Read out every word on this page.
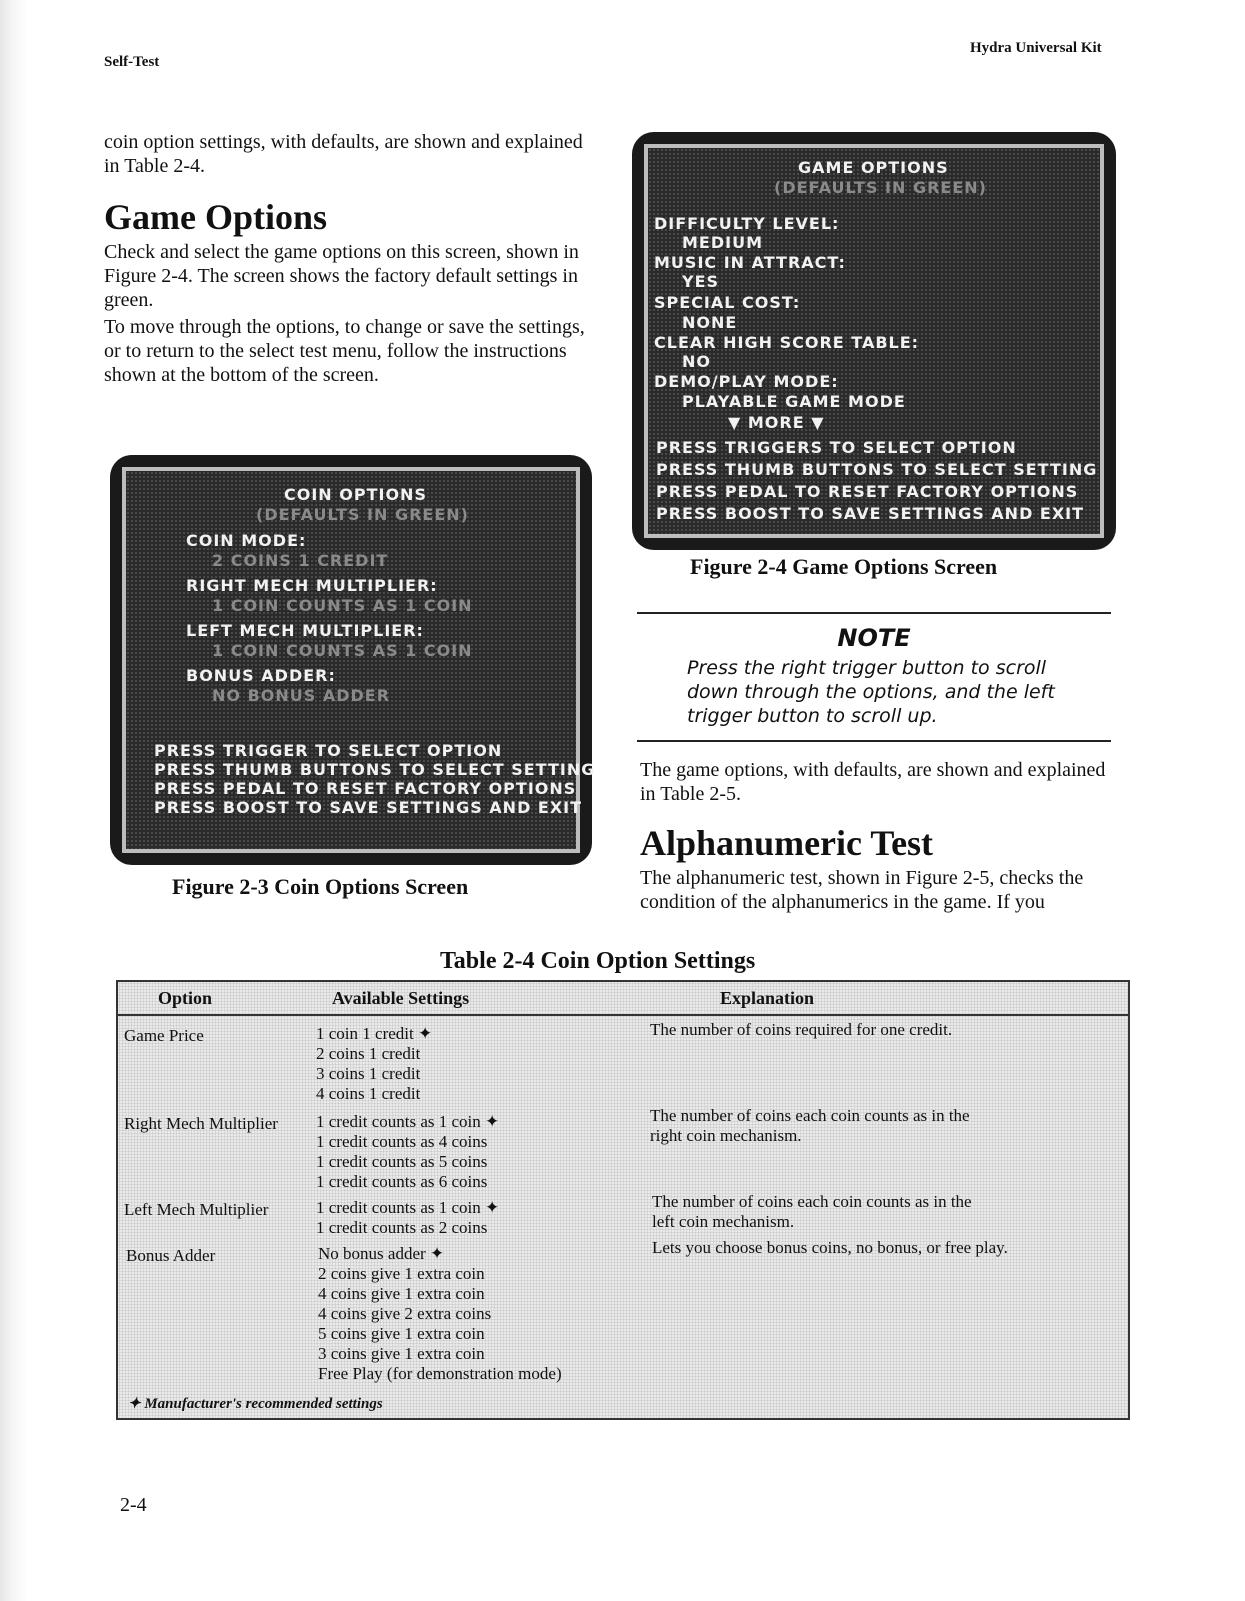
Self-Test
Hydra Universal Kit

coin option settings, with defaults, are shown and explained in Table 2-4.

Game Options

Check and select the game options on this screen, shown in Figure 2-4. The screen shows the factory default settings in green.

To move through the options, to change or save the settings, or to return to the select test menu, follow the instructions shown at the bottom of the screen.

COIN OPTIONS
(DEFAULTS IN GREEN)
COIN MODE:
2 COINS 1 CREDIT
RIGHT MECH MULTIPLIER:
1 COIN COUNTS AS 1 COIN
LEFT MECH MULTIPLIER:
1 COIN COUNTS AS 1 COIN
BONUS ADDER:
NO BONUS ADDER
PRESS TRIGGER TO SELECT OPTION
PRESS THUMB BUTTONS TO SELECT SETTING
PRESS PEDAL TO RESET FACTORY OPTIONS
PRESS BOOST TO SAVE SETTINGS AND EXIT
Figure 2-3 Coin Options Screen
GAME OPTIONS
(DEFAULTS IN GREEN)
DIFFICULTY LEVEL:
MEDIUM
MUSIC IN ATTRACT:
YES
SPECIAL COST:
NONE
CLEAR HIGH SCORE TABLE:
NO
DEMO/PLAY MODE:
PLAYABLE GAME MODE
▼ MORE ▼
PRESS TRIGGERS TO SELECT OPTION
PRESS THUMB BUTTONS TO SELECT SETTING
PRESS PEDAL TO RESET FACTORY OPTIONS
PRESS BOOST TO SAVE SETTINGS AND EXIT
Figure 2-4 Game Options Screen
NOTE
Press the right trigger button to scroll down through the options, and the left trigger button to scroll up.

The game options, with defaults, are shown and explained in Table 2-5.

Alphanumeric Test

The alphanumeric test, shown in Figure 2-5, checks the condition of the alphanumerics in the game. If you

Table 2-4 Coin Option Settings
Option	Available Settings	Explanation
Game Price	1 coin 1 credit ✦
2 coins 1 credit
3 coins 1 credit
4 coins 1 credit
The number of coins required for one credit.
Right Mech Multiplier 1 credit counts as 1 coin ✦
1 credit counts as 4 coins
1 credit counts as 5 coins
1 credit counts as 6 coins
The number of coins each coin counts as in the
right coin mechanism.
Left Mech Multiplier	1 credit counts as 1 coin ✦
1 credit counts as 2 coins
The number of coins each coin counts as in the
left coin mechanism.
Bonus Adder	No bonus adder ✦
2 coins give 1 extra coin
4 coins give 1 extra coin
4 coins give 2 extra coins
5 coins give 1 extra coin
3 coins give 1 extra coin
Free Play (for demonstration mode)
Lets you choose bonus coins, no bonus, or free play.
✦ Manufacturer's recommended settings
2-4
